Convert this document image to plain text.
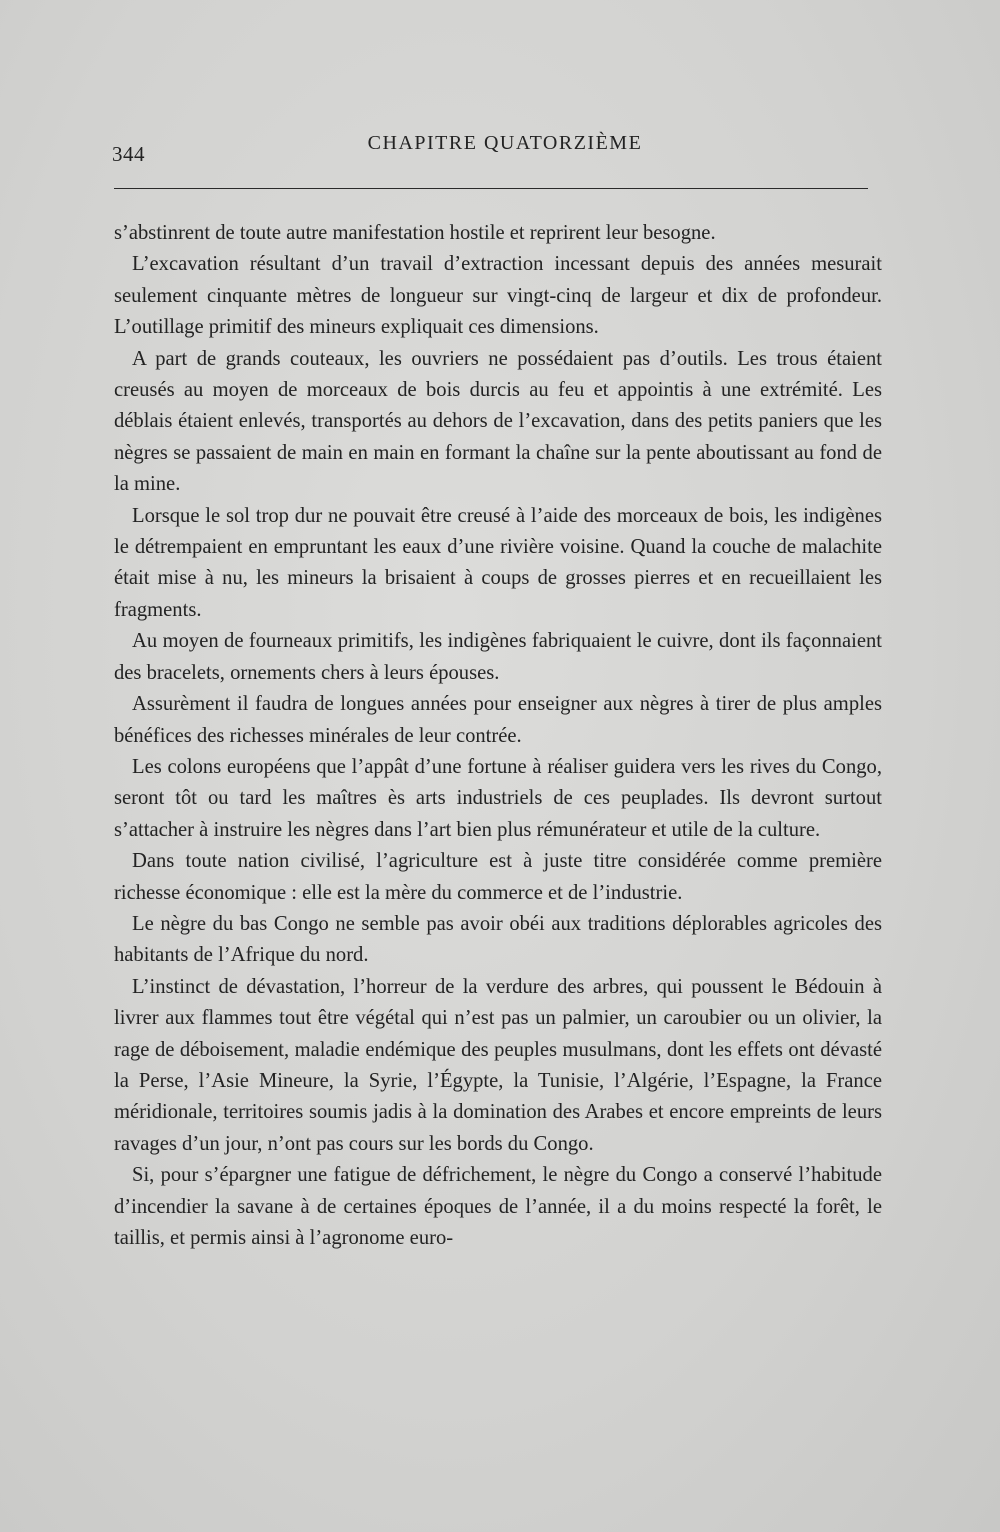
344	CHAPITRE QUATORZIÈME

s’abstinrent de toute autre manifestation hostile et reprirent leur besogne.

L’excavation résultant d’un travail d’extraction incessant depuis des années mesurait seulement cinquante mètres de longueur sur vingt-cinq de largeur et dix de profondeur. L’outillage primitif des mineurs expliquait ces dimensions.

A part de grands couteaux, les ouvriers ne possédaient pas d’outils. Les trous étaient creusés au moyen de morceaux de bois durcis au feu et appointis à une extrémité. Les déblais étaient enlevés, transportés au dehors de l’excavation, dans des petits paniers que les nègres se passaient de main en main en formant la chaîne sur la pente aboutissant au fond de la mine.

Lorsque le sol trop dur ne pouvait être creusé à l’aide des morceaux de bois, les indigènes le détrempaient en empruntant les eaux d’une rivière voisine. Quand la couche de malachite était mise à nu, les mineurs la brisaient à coups de grosses pierres et en recueillaient les fragments.

Au moyen de fourneaux primitifs, les indigènes fabriquaient le cuivre, dont ils façonnaient des bracelets, ornements chers à leurs épouses.

Assurèment il faudra de longues années pour enseigner aux nègres à tirer de plus amples bénéfices des richesses minérales de leur contrée.

Les colons européens que l’appât d’une fortune à réaliser guidera vers les rives du Congo, seront tôt ou tard les maîtres ès arts industriels de ces peuplades. Ils devront surtout s’attacher à instruire les nègres dans l’art bien plus rémunérateur et utile de la culture.

Dans toute nation civilisé, l’agriculture est à juste titre considérée comme première richesse économique : elle est la mère du commerce et de l’industrie.

Le nègre du bas Congo ne semble pas avoir obéi aux traditions déplorables agricoles des habitants de l’Afrique du nord.

L’instinct de dévastation, l’horreur de la verdure des arbres, qui poussent le Bédouin à livrer aux flammes tout être végétal qui n’est pas un palmier, un caroubier ou un olivier, la rage de déboisement, maladie endémique des peuples musulmans, dont les effets ont dévasté la Perse, l’Asie Mineure, la Syrie, l’Égypte, la Tunisie, l’Algérie, l’Espagne, la France méridionale, territoires soumis jadis à la domination des Arabes et encore empreints de leurs ravages d’un jour, n’ont pas cours sur les bords du Congo.

Si, pour s’épargner une fatigue de défrichement, le nègre du Congo a conservé l’habitude d’incendier la savane à de certaines époques de l’année, il a du moins respecté la forêt, le taillis, et permis ainsi à l’agronome euro-
